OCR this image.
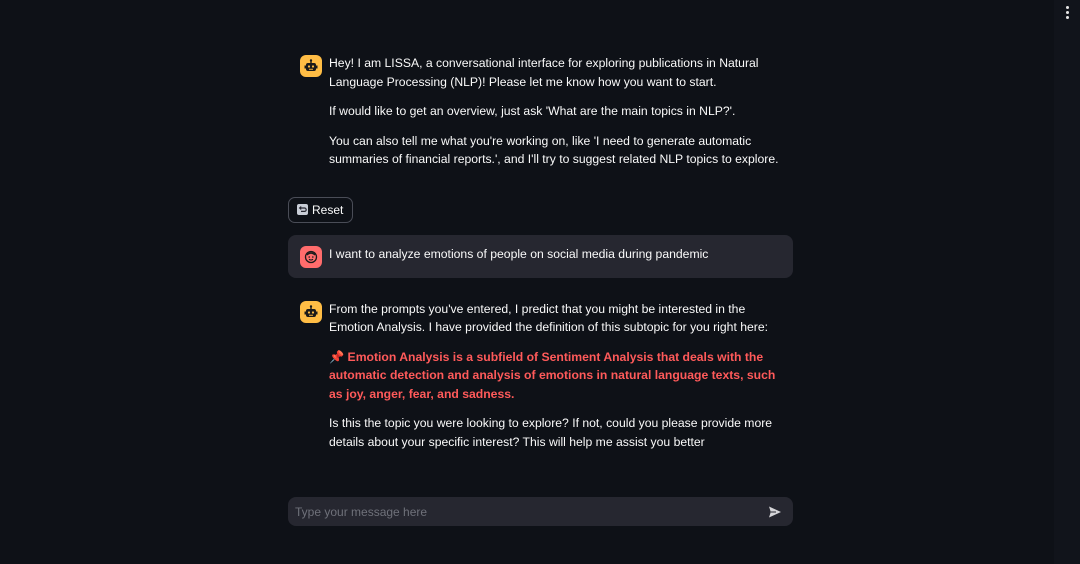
Hey! I am LISSA, a conversational interface for exploring publications in Natural Language Processing (NLP)! Please let me know how you want to start.

If would like to get an overview, just ask 'What are the main topics in NLP?'.

You can also tell me what you're working on, like 'I need to generate automatic summaries of financial reports.', and I'll try to suggest related NLP topics to explore.

Reset

I want to analyze emotions of people on social media during pandemic

From the prompts you've entered, I predict that you might be interested in the Emotion Analysis. I have provided the definition of this subtopic for you right here:

📌 Emotion Analysis is a subfield of Sentiment Analysis that deals with the automatic detection and analysis of emotions in natural language texts, such as joy, anger, fear, and sadness.

Is this the topic you were looking to explore? If not, could you please provide more details about your specific interest? This will help me assist you better

Type your message here
